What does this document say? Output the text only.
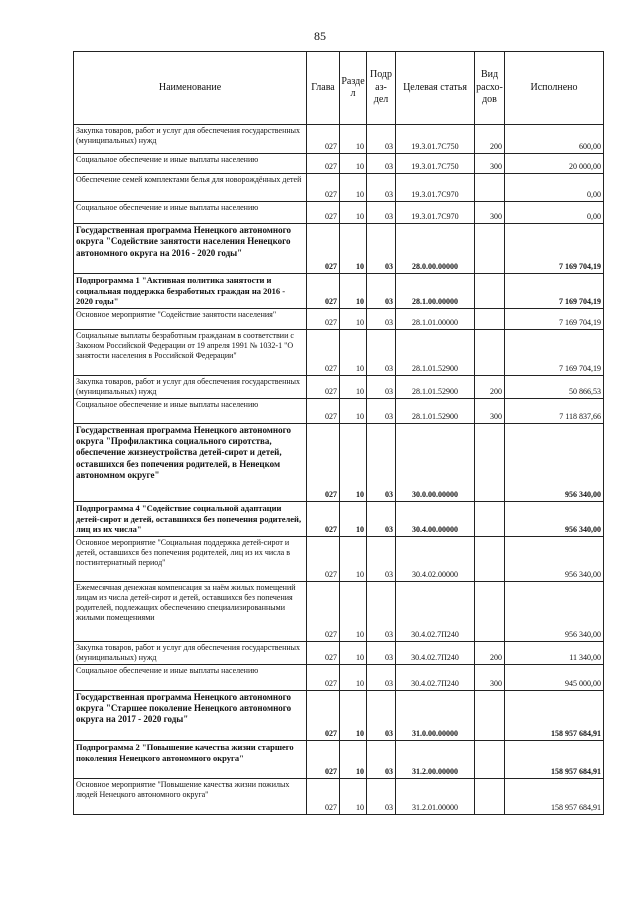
85
Наименование	Глава	Разде л	Подр аз-дел	Целевая статья	Вид расхо- дов	Исполнено
Закупка товаров, работ и услуг для обеспечения государственных (муниципальных) нужд	027	10	03	19.3.01.7С750	200	600,00
Социальное обеспечение и иные выплаты населению	027	10	03	19.3.01.7С750	300	20 000,00
Обеспечение семей комплектами белья для новорождённых детей	027	10	03	19.3.01.7С970		0,00
Социальное обеспечение и иные выплаты населению	027	10	03	19.3.01.7С970	300	0,00
Государственная программа Ненецкого автономного округа "Содействие занятости населения Ненецкого автономного округа на 2016 - 2020 годы"	027	10	03	28.0.00.00000		7 169 704,19
Подпрограмма 1 "Активная политика занятости и социальная поддержка безработных граждан на 2016 - 2020 годы"	027	10	03	28.1.00.00000		7 169 704,19
Основное мероприятие "Содействие занятости населения"	027	10	03	28.1.01.00000		7 169 704,19
Социальные выплаты безработным гражданам в соответствии с Законом Российской Федерации от 19 апреля 1991 № 1032-1 "О занятости населения в Российской Федерации"	027	10	03	28.1.01.52900		7 169 704,19
Закупка товаров, работ и услуг для обеспечения государственных (муниципальных) нужд	027	10	03	28.1.01.52900	200	50 866,53
Социальное обеспечение и иные выплаты населению	027	10	03	28.1.01.52900	300	7 118 837,66
Государственная программа Ненецкого автономного округа "Профилактика социального сиротства, обеспечение жизнеустройства детей-сирот и детей, оставшихся без попечения родителей, в Ненецком автономном округе"	027	10	03	30.0.00.00000		956 340,00
Подпрограмма 4 "Содействие социальной адаптации детей-сирот и детей, оставшихся без попечения родителей, лиц из их числа"	027	10	03	30.4.00.00000		956 340,00
Основное мероприятие "Социальная поддержка детей-сирот и детей, оставшихся без попечения родителей, лиц из их числа в постинтернатный период"	027	10	03	30.4.02.00000		956 340,00
Ежемесячная денежная компенсация за наём жилых помещений лицам из числа детей-сирот и детей, оставшихся без попечения родителей, подлежащих обеспечению специализированными жилыми помещениями	027	10	03	30.4.02.7П240		956 340,00
Закупка товаров, работ и услуг для обеспечения государственных (муниципальных) нужд	027	10	03	30.4.02.7П240	200	11 340,00
Социальное обеспечение и иные выплаты населению	027	10	03	30.4.02.7П240	300	945 000,00
Государственная программа Ненецкого автономного округа "Старшее поколение Ненецкого автономного округа на 2017 - 2020 годы"	027	10	03	31.0.00.00000		158 957 684,91
Подпрограмма 2 "Повышение качества жизни старшего поколения Ненецкого автономного округа"	027	10	03	31.2.00.00000		158 957 684,91
Основное мероприятие "Повышение качества жизни пожилых людей Ненецкого автономного округа"	027	10	03	31.2.01.00000		158 957 684,91
